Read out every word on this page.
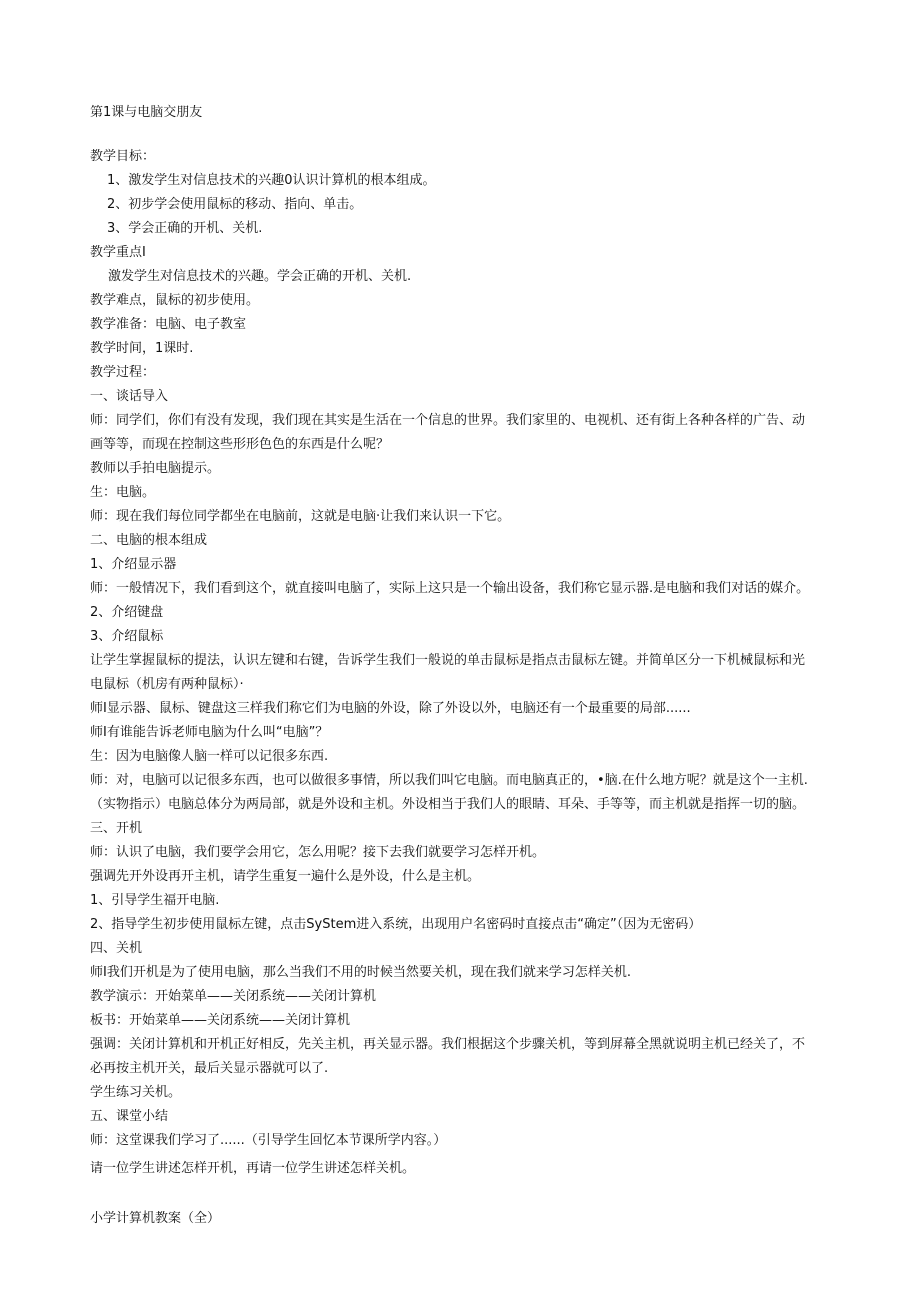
第1课与电脑交朋友
教学目标：
1、激发学生对信息技术的兴趣0认识计算机的根本组成。
2、初步学会使用鼠标的移动、指向、单击。
3、学会正确的开机、关机.
教学重点I
激发学生对信息技术的兴趣。学会正确的开机、关机.
教学难点，鼠标的初步使用。
教学准备：电脑、电子教室
教学时间，1课时.
教学过程：
一、谈话导入
师：同学们，你们有没有发现，我们现在其实是生活在一个信息的世界。我们家里的、电视机、还有街上各种各样的广告、动
画等等，而现在控制这些形形色色的东西是什么呢？
教师以手拍电脑提示。
生：电脑。
师：现在我们每位同学都坐在电脑前，这就是电脑·让我们来认识一下它。
二、电脑的根本组成
1、介绍显示器
师：一般情况下，我们看到这个，就直接叫电脑了，实际上这只是一个输出设备，我们称它显示器.是电脑和我们对话的媒介。
2、介绍键盘
3、介绍鼠标
让学生掌握鼠标的提法，认识左键和右键，告诉学生我们一般说的单击鼠标是指点击鼠标左键。并简单区分一下机械鼠标和光
电鼠标（机房有两种鼠标）·
师I显示器、鼠标、键盘这三样我们称它们为电脑的外设，除了外设以外，电脑还有一个最重要的局部......
师I有谁能告诉老师电脑为什么叫“电脑”？
生：因为电脑像人脑一样可以记很多东西.
师：对，电脑可以记很多东西，也可以做很多事情，所以我们叫它电脑。而电脑真正的，•脑.在什么地方呢？就是这个一主机.
（实物指示）电脑总体分为两局部，就是外设和主机。外设相当于我们人的眼睛、耳朵、手等等，而主机就是指挥一切的脑。
三、开机
师：认识了电脑，我们要学会用它，怎么用呢？接下去我们就要学习怎样开机。
强调先开外设再开主机，请学生重复一遍什么是外设，什么是主机。
1、引导学生福开电脑.
2、指导学生初步使用鼠标左键，点击SyStem进入系统，出现用户名密码时直接点击“确定”（因为无密码）
四、关机
师I我们开机是为了使用电脑，那么当我们不用的时候当然要关机，现在我们就来学习怎样关机.
教学演示：开始菜单——关闭系统——关闭计算机
板书：开始菜单——关闭系统——关闭计算机
强调：关闭计算机和开机正好相反，先关主机，再关显示器。我们根据这个步骤关机，等到屏幕全黑就说明主机已经关了，不
必再按主机开关，最后关显示器就可以了.
学生练习关机。
五、课堂小结
师：这堂课我们学习了......（引导学生回忆本节课所学内容。）
请一位学生讲述怎样开机，再请一位学生讲述怎样关机。
小学计算机教案（全）
